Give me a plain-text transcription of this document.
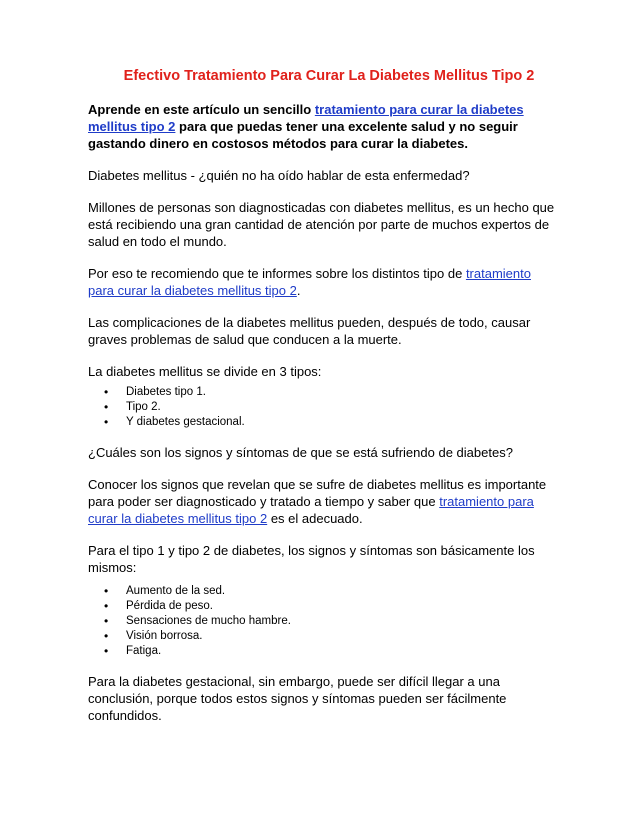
Efectivo Tratamiento Para Curar La Diabetes Mellitus Tipo 2

Aprende en este artículo un sencillo tratamiento para curar la diabetes mellitus tipo 2 para que puedas tener una excelente salud y no seguir gastando dinero en costosos métodos para curar la diabetes.

Diabetes mellitus - ¿quién no ha oído hablar de esta enfermedad?

Millones de personas son diagnosticadas con diabetes mellitus, es un hecho que está recibiendo una gran cantidad de atención por parte de muchos expertos de salud en todo el mundo.

Por eso te recomiendo que te informes sobre los distintos tipo de tratamiento para curar la diabetes mellitus tipo 2.

Las complicaciones de la diabetes mellitus pueden, después de todo, causar graves problemas de salud que conducen a la muerte.

La diabetes mellitus se divide en 3 tipos:

• Diabetes tipo 1.
• Tipo 2.
• Y diabetes gestacional.

¿Cuáles son los signos y síntomas de que se está sufriendo de diabetes?

Conocer los signos que revelan que se sufre de diabetes mellitus es importante para poder ser diagnosticado y tratado a tiempo y saber que tratamiento para curar la diabetes mellitus tipo 2 es el adecuado.

Para el tipo 1 y tipo 2 de diabetes, los signos y síntomas son básicamente los mismos:

• Aumento de la sed.
• Pérdida de peso.
• Sensaciones de mucho hambre.
• Visión borrosa.
• Fatiga.

Para la diabetes gestacional, sin embargo, puede ser difícil llegar a una conclusión, porque todos estos signos y síntomas pueden ser fácilmente confundidos.
